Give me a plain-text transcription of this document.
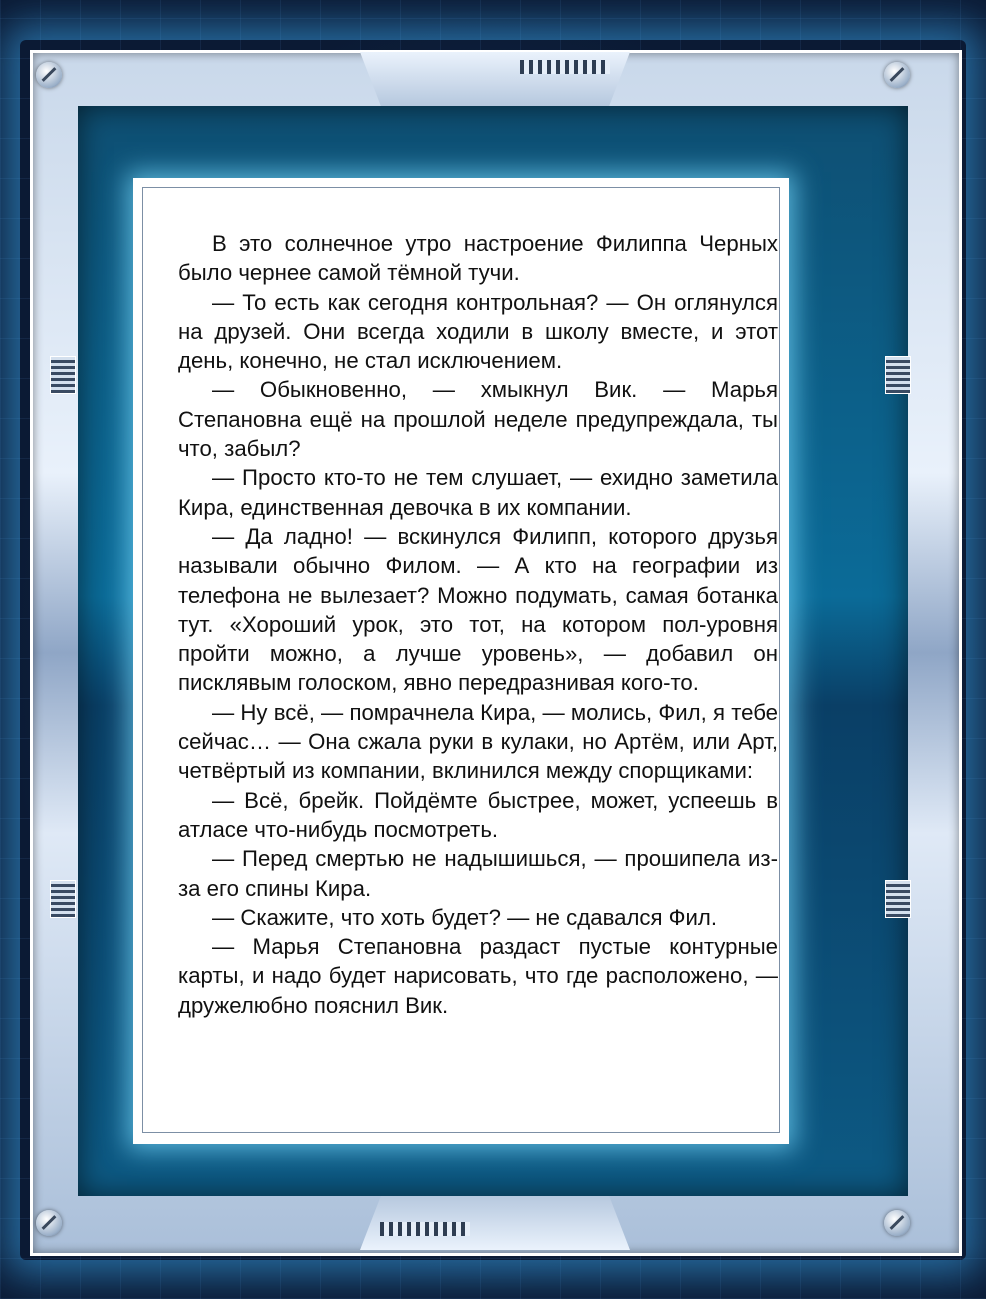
В это солнечное утро настроение Филиппа Черных было чернее самой тёмной тучи.

— То есть как сегодня контрольная? — Он оглянулся на друзей. Они всегда ходили в школу вместе, и этот день, конечно, не стал исключением.

— Обыкновенно, — хмыкнул Вик. — Марья Степановна ещё на прошлой неделе предупреждала, ты что, забыл?

— Просто кто-то не тем слушает, — ехидно заметила Кира, единственная девочка в их компании.

— Да ладно! — вскинулся Филипп, которого друзья называли обычно Филом. — А кто на географии из телефона не вылезает? Можно подумать, самая ботанка тут. «Хороший урок, это тот, на котором пол-уровня пройти можно, а лучше уровень», — добавил он писклявым голоском, явно передразнивая кого-то.

— Ну всё, — помрачнела Кира, — молись, Фил, я тебе сейчас… — Она сжала руки в кулаки, но Артём, или Арт, четвёртый из компании, вклинился между спорщиками:

— Всё, брейк. Пойдёмте быстрее, может, успеешь в атласе что-нибудь посмотреть.

— Перед смертью не надышишься, — прошипела из-за его спины Кира.

— Скажите, что хоть будет? — не сдавался Фил.

— Марья Степановна раздаст пустые контурные карты, и надо будет нарисовать, что где расположено, — дружелюбно пояснил Вик.
